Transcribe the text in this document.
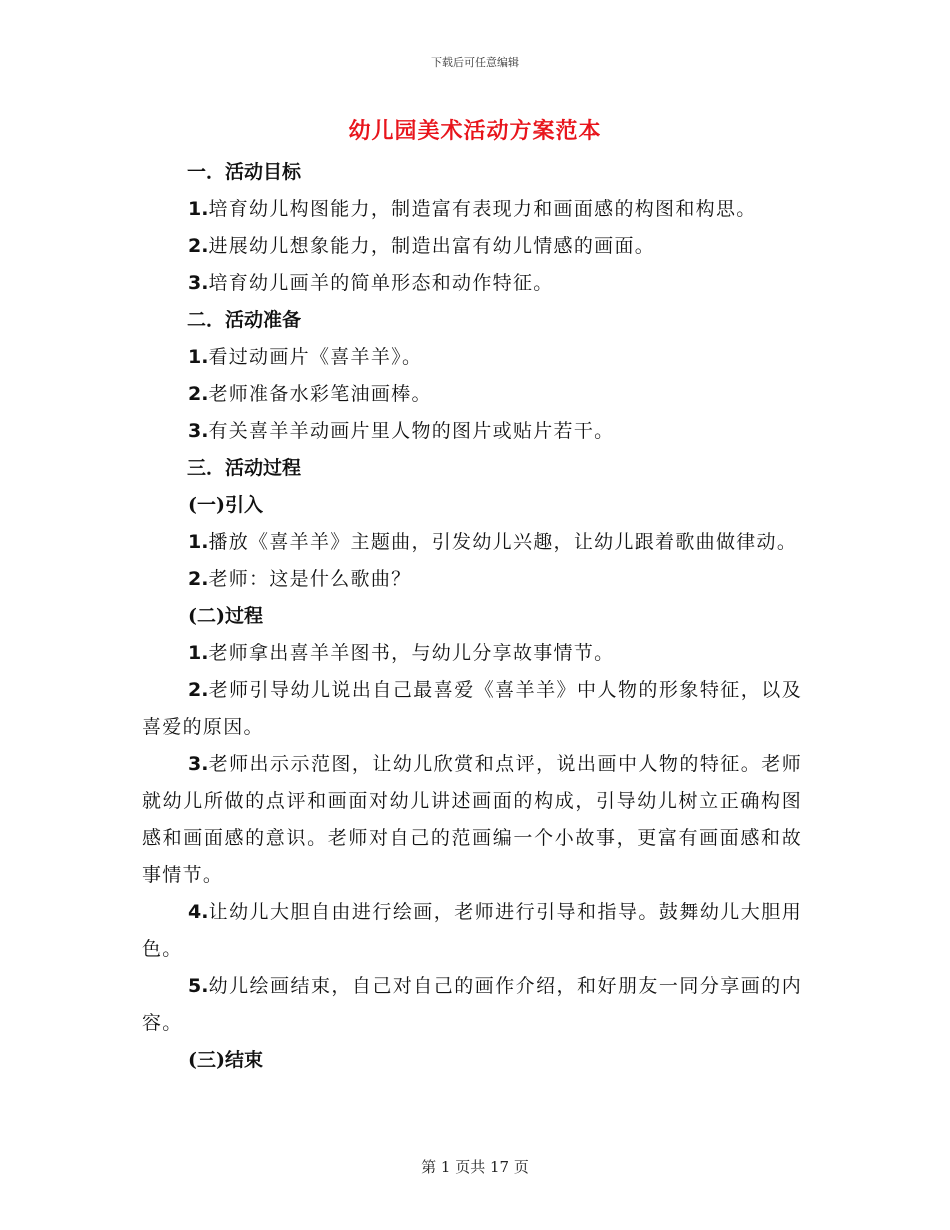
下载后可任意编辑
幼儿园美术活动方案范本
一．活动目标
1.培育幼儿构图能力，制造富有表现力和画面感的构图和构思。
2.进展幼儿想象能力，制造出富有幼儿情感的画面。
3.培育幼儿画羊的简单形态和动作特征。
二．活动准备
1.看过动画片《喜羊羊》。
2.老师准备水彩笔油画棒。
3.有关喜羊羊动画片里人物的图片或贴片若干。
三．活动过程
(一)引入
1.播放《喜羊羊》主题曲，引发幼儿兴趣，让幼儿跟着歌曲做律动。
2.老师：这是什么歌曲？
(二)过程
1.老师拿出喜羊羊图书，与幼儿分享故事情节。
2.老师引导幼儿说出自己最喜爱《喜羊羊》中人物的形象特征，以及喜爱的原因。
3.老师出示示范图，让幼儿欣赏和点评，说出画中人物的特征。老师就幼儿所做的点评和画面对幼儿讲述画面的构成，引导幼儿树立正确构图感和画面感的意识。老师对自己的范画编一个小故事，更富有画面感和故事情节。
4.让幼儿大胆自由进行绘画，老师进行引导和指导。鼓舞幼儿大胆用色。
5.幼儿绘画结束，自己对自己的画作介绍，和好朋友一同分享画的内容。
(三)结束
第 1 页共 17 页
